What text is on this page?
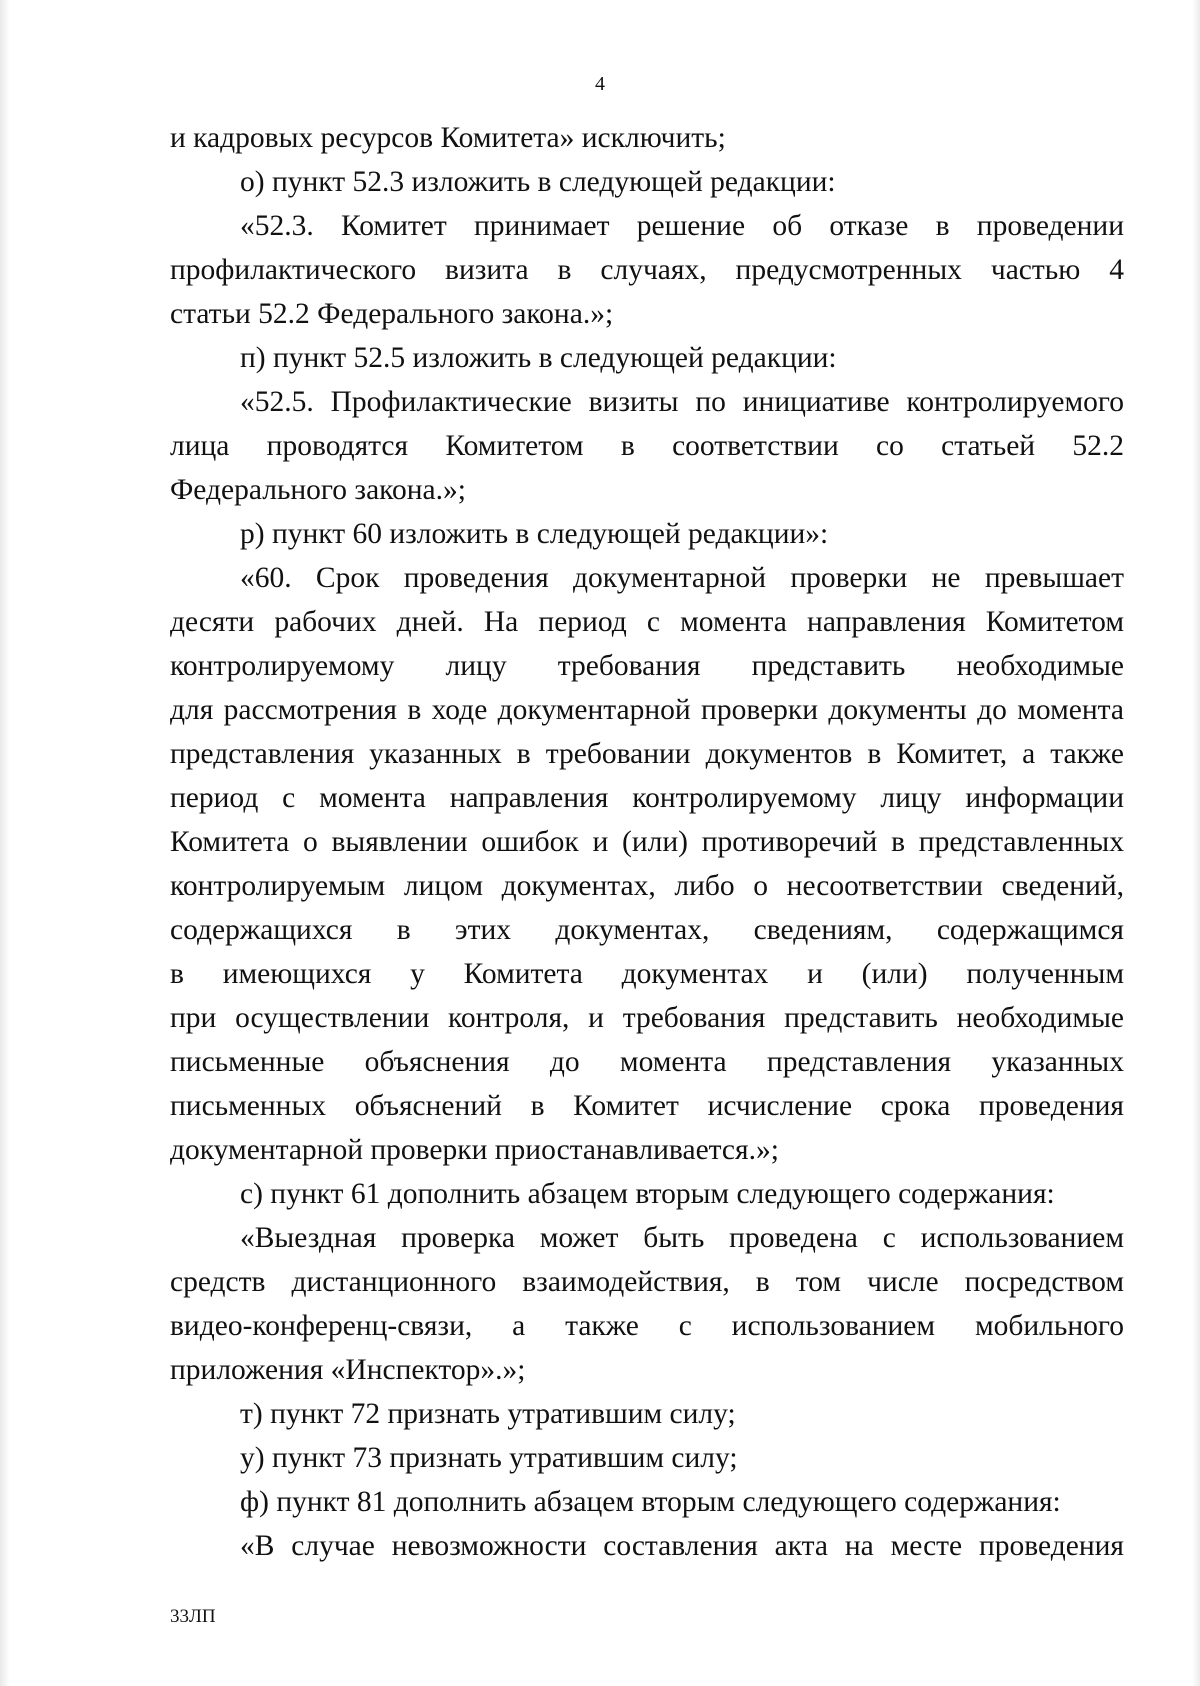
4

и кадровых ресурсов Комитета» исключить;

о) пункт 52.3 изложить в следующей редакции:

«52.3. Комитет принимает решение об отказе в проведении

профилактического визита в случаях, предусмотренных частью 4

статьи 52.2 Федерального закона.»;

п) пункт 52.5 изложить в следующей редакции:

«52.5. Профилактические визиты по инициативе контролируемого

лица проводятся Комитетом в соответствии со статьей 52.2

Федерального закона.»;

р) пункт 60 изложить в следующей редакции»:

«60. Срок проведения документарной проверки не превышает

десяти рабочих дней. На период с момента направления Комитетом

контролируемому лицу требования представить необходимые

для рассмотрения в ходе документарной проверки документы до момента

представления указанных в требовании документов в Комитет, а также

период с момента направления контролируемому лицу информации

Комитета о выявлении ошибок и (или) противоречий в представленных

контролируемым лицом документах, либо о несоответствии сведений,

содержащихся в этих документах, сведениям, содержащимся

в имеющихся у Комитета документах и (или) полученным

при осуществлении контроля, и требования представить необходимые

письменные объяснения до момента представления указанных

письменных объяснений в Комитет исчисление срока проведения

документарной проверки приостанавливается.»;

с) пункт 61 дополнить абзацем вторым следующего содержания:

«Выездная проверка может быть проведена с использованием

средств дистанционного взаимодействия, в том числе посредством

видео-конференц-связи, а также с использованием мобильного

приложения «Инспектор».»;

т) пункт 72 признать утратившим силу;

у) пункт 73 признать утратившим силу;

ф) пункт 81 дополнить абзацем вторым следующего содержания:

«В случае невозможности составления акта на месте проведения

33ЛП
